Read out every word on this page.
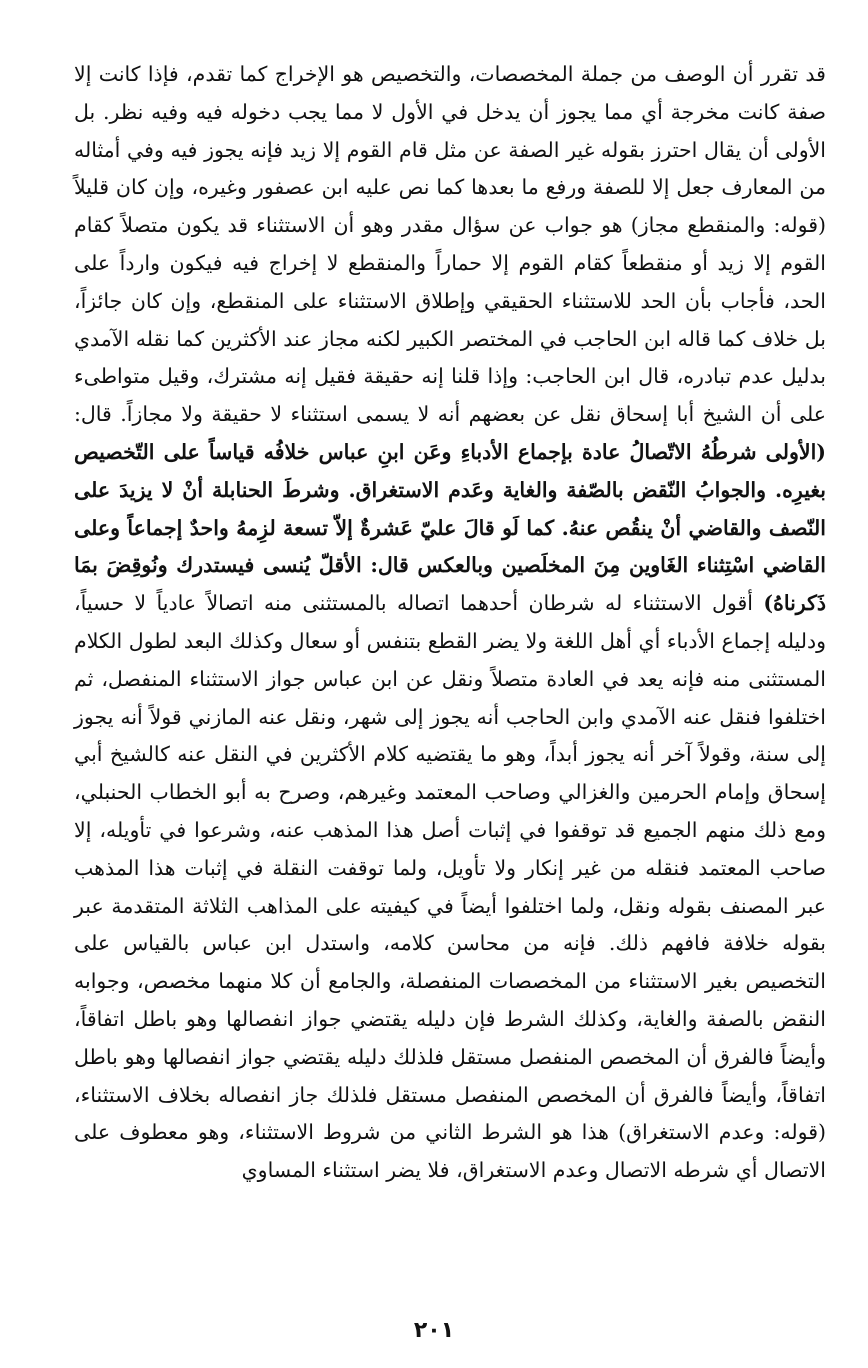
قد تقرر أن الوصف من جملة المخصصات، والتخصيص هو الإخراج كما تقدم، فإذا كانت إلا صفة كانت مخرجة أي مما يجوز أن يدخل في الأول لا مما يجب دخوله فيه وفيه نظر. بل الأولى أن يقال احترز بقوله غير الصفة عن مثل قام القوم إلا زيد فإنه يجوز فيه وفي أمثاله من المعارف جعل إلا للصفة ورفع ما بعدها كما نص عليه ابن عصفور وغيره، وإن كان قليلاً (قوله: والمنقطع مجاز) هو جواب عن سؤال مقدر وهو أن الاستثناء قد يكون متصلاً كقام القوم إلا زيد أو منقطعاً كقام القوم إلا حماراً والمنقطع لا إخراج فيه فيكون وارداً على الحد، فأجاب بأن الحد للاستثناء الحقيقي وإطلاق الاستثناء على المنقطع، وإن كان جائزاً، بل خلاف كما قاله ابن الحاجب في المختصر الكبير لكنه مجاز عند الأكثرين كما نقله الآمدي بدليل عدم تبادره، قال ابن الحاجب: وإذا قلنا إنه حقيقة فقيل إنه مشترك، وقيل متواطىء على أن الشيخ أبا إسحاق نقل عن بعضهم أنه لا يسمى استثناء لا حقيقة ولا مجازاً. قال: (الأولى شرطُهُ الاتّصالُ عادة بإجماع الأدباءِ وعَن ابنِ عباس خلافُه قياساً على التّخصيص بغيرِه. والجوابُ النّقض بالصّفة والغاية وعَدم الاستغراق. وشرطَ الحنابلة أنْ لا يزيدَ على النّصف والقاضي أنْ ينقُص عنهُ. كما لَو قالَ عليّ عَشرةٌ إلاّ تسعة لزِمهُ واحدٌ إجماعاً وعلى القاضي اسْتِثناء الغَاوين مِنَ المخلَصين وبالعكس قال: الأقلّ يُنسى فيستدرك ونُوقِضَ بمَا ذَكرناهُ) أقول الاستثناء له شرطان أحدهما اتصاله بالمستثنى منه اتصالاً عادياً لا حسياً، ودليله إجماع الأدباء أي أهل اللغة ولا يضر القطع بتنفس أو سعال وكذلك البعد لطول الكلام المستثنى منه فإنه يعد في العادة متصلاً ونقل عن ابن عباس جواز الاستثناء المنفصل، ثم اختلفوا فنقل عنه الآمدي وابن الحاجب أنه يجوز إلى شهر، ونقل عنه المازني قولاً أنه يجوز إلى سنة، وقولاً آخر أنه يجوز أبداً، وهو ما يقتضيه كلام الأكثرين في النقل عنه كالشيخ أبي إسحاق وإمام الحرمين والغزالي وصاحب المعتمد وغيرهم، وصرح به أبو الخطاب الحنبلي، ومع ذلك منهم الجميع قد توقفوا في إثبات أصل هذا المذهب عنه، وشرعوا في تأويله، إلا صاحب المعتمد فنقله من غير إنكار ولا تأويل، ولما توقفت النقلة في إثبات هذا المذهب عبر المصنف بقوله ونقل، ولما اختلفوا أيضاً في كيفيته على المذاهب الثلاثة المتقدمة عبر بقوله خلافة فافهم ذلك. فإنه من محاسن كلامه، واستدل ابن عباس بالقياس على التخصيص بغير الاستثناء من المخصصات المنفصلة، والجامع أن كلا منهما مخصص، وجوابه النقض بالصفة والغاية، وكذلك الشرط فإن دليله يقتضي جواز انفصالها وهو باطل اتفاقاً، وأيضاً فالفرق أن المخصص المنفصل مستقل فلذلك دليله يقتضي جواز انفصالها وهو باطل اتفاقاً، وأيضاً فالفرق أن المخصص المنفصل مستقل فلذلك جاز انفصاله بخلاف الاستثناء، (قوله: وعدم الاستغراق) هذا هو الشرط الثاني من شروط الاستثناء، وهو معطوف على الاتصال أي شرطه الاتصال وعدم الاستغراق، فلا يضر استثناء المساوي

٢٠١
